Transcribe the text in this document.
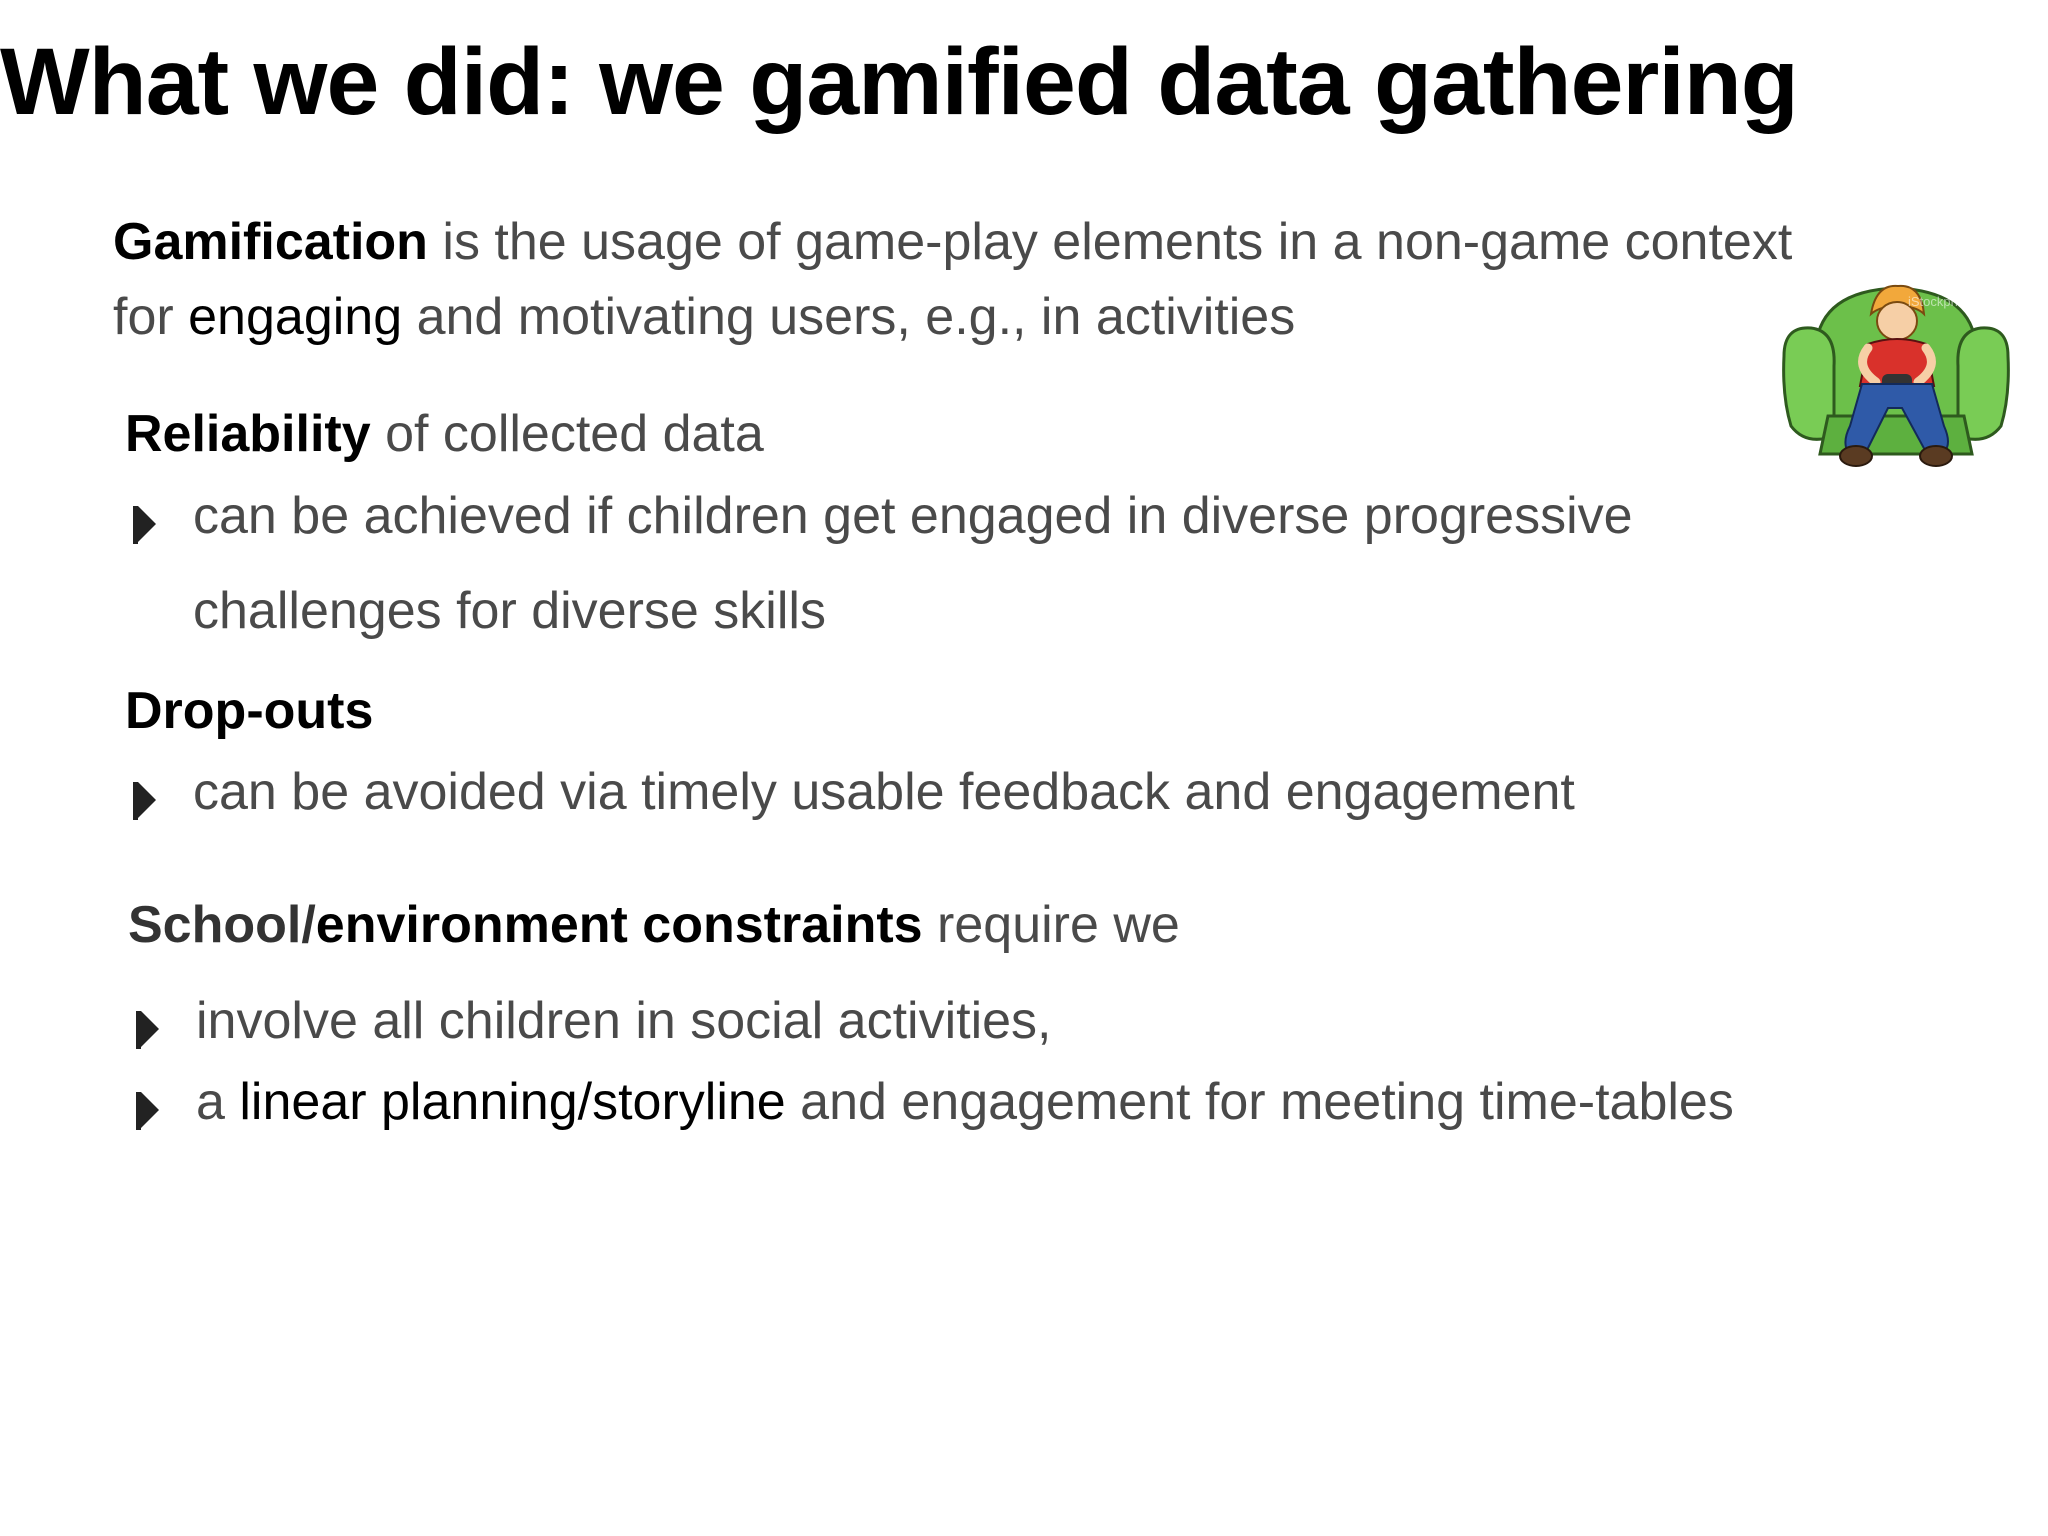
What we did: we gamified data gathering
Gamification is the usage of game-play elements in a non-game context
for engaging and motivating users, e.g., in activities
Reliability of collected data
can be achieved if children get engaged in diverse progressive
challenges for diverse skills
Drop-outs
can be avoided via timely usable feedback and engagement
School/environment constraints require we
involve all children in social activities,
a linear planning/storyline and engagement for meeting time-tables
iStockphoto
